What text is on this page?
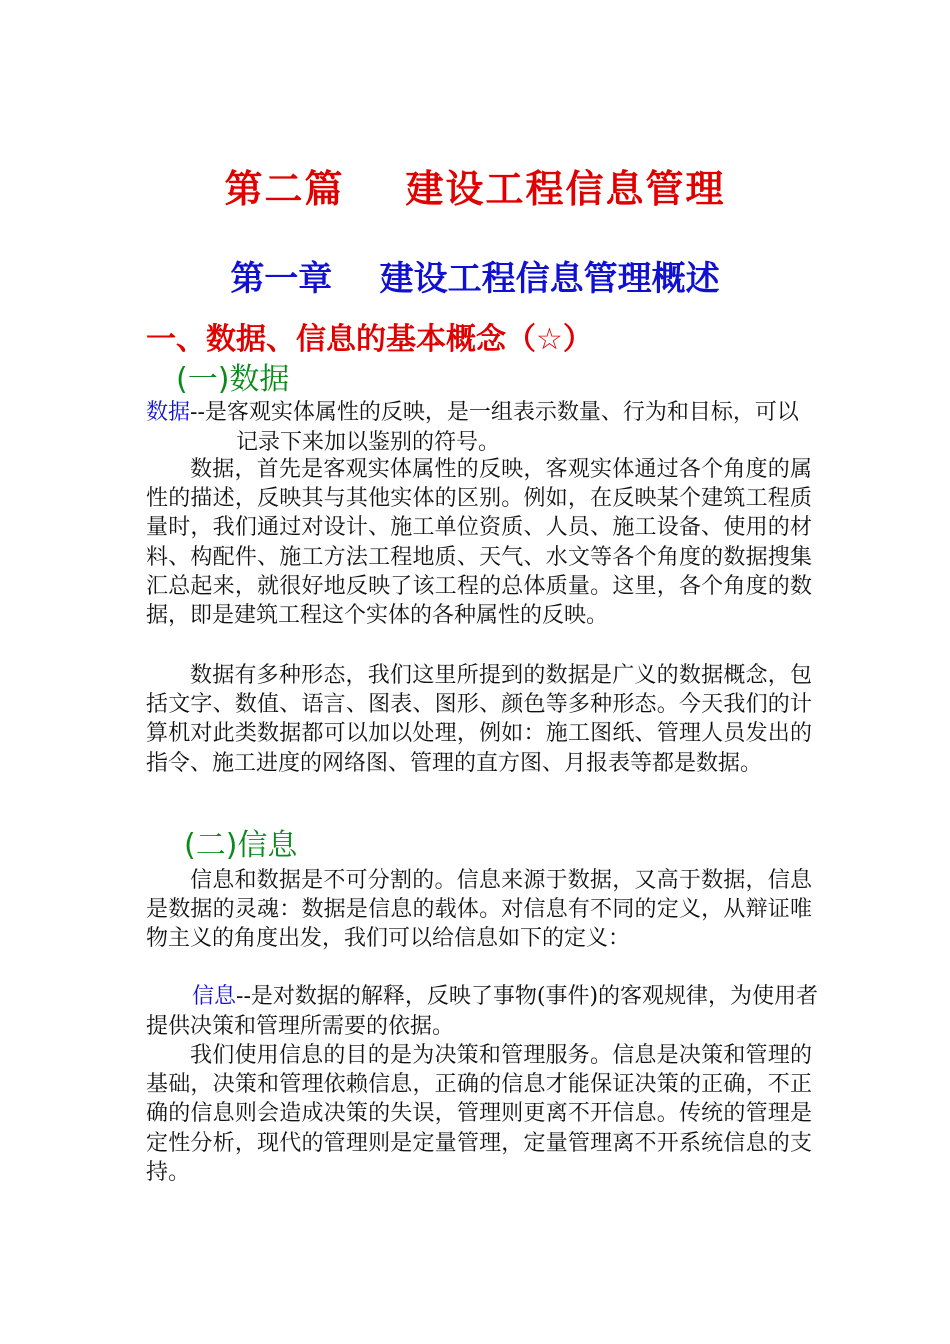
第二篇    建设工程信息管理
第一章    建设工程信息管理概述
一、数据、信息的基本概念（☆）
(一)数据

数据--是客观实体属性的反映，是一组表示数量、行为和目标，可以记录下来加以鉴别的符号。

数据，首先是客观实体属性的反映，客观实体通过各个角度的属性的描述，反映其与其他实体的区别。例如，在反映某个建筑工程质量时，我们通过对设计、施工单位资质、人员、施工设备、使用的材料、构配件、施工方法工程地质、天气、水文等各个角度的数据搜集汇总起来，就很好地反映了该工程的总体质量。这里，各个角度的数据，即是建筑工程这个实体的各种属性的反映。

数据有多种形态，我们这里所提到的数据是广义的数据概念，包括文字、数值、语言、图表、图形、颜色等多种形态。今天我们的计算机对此类数据都可以加以处理，例如：施工图纸、管理人员发出的指令、施工进度的网络图、管理的直方图、月报表等都是数据。

(二)信息

信息和数据是不可分割的。信息来源于数据，又高于数据，信息是数据的灵魂：数据是信息的载体。对信息有不同的定义，从辩证唯物主义的角度出发，我们可以给信息如下的定义：

信息--是对数据的解释，反映了事物(事件)的客观规律，为使用者提供决策和管理所需要的依据。

我们使用信息的目的是为决策和管理服务。信息是决策和管理的基础，决策和管理依赖信息，正确的信息才能保证决策的正确，不正确的信息则会造成决策的失误，管理则更离不开信息。传统的管理是定性分析，现代的管理则是定量管理，定量管理离不开系统信息的支持。
